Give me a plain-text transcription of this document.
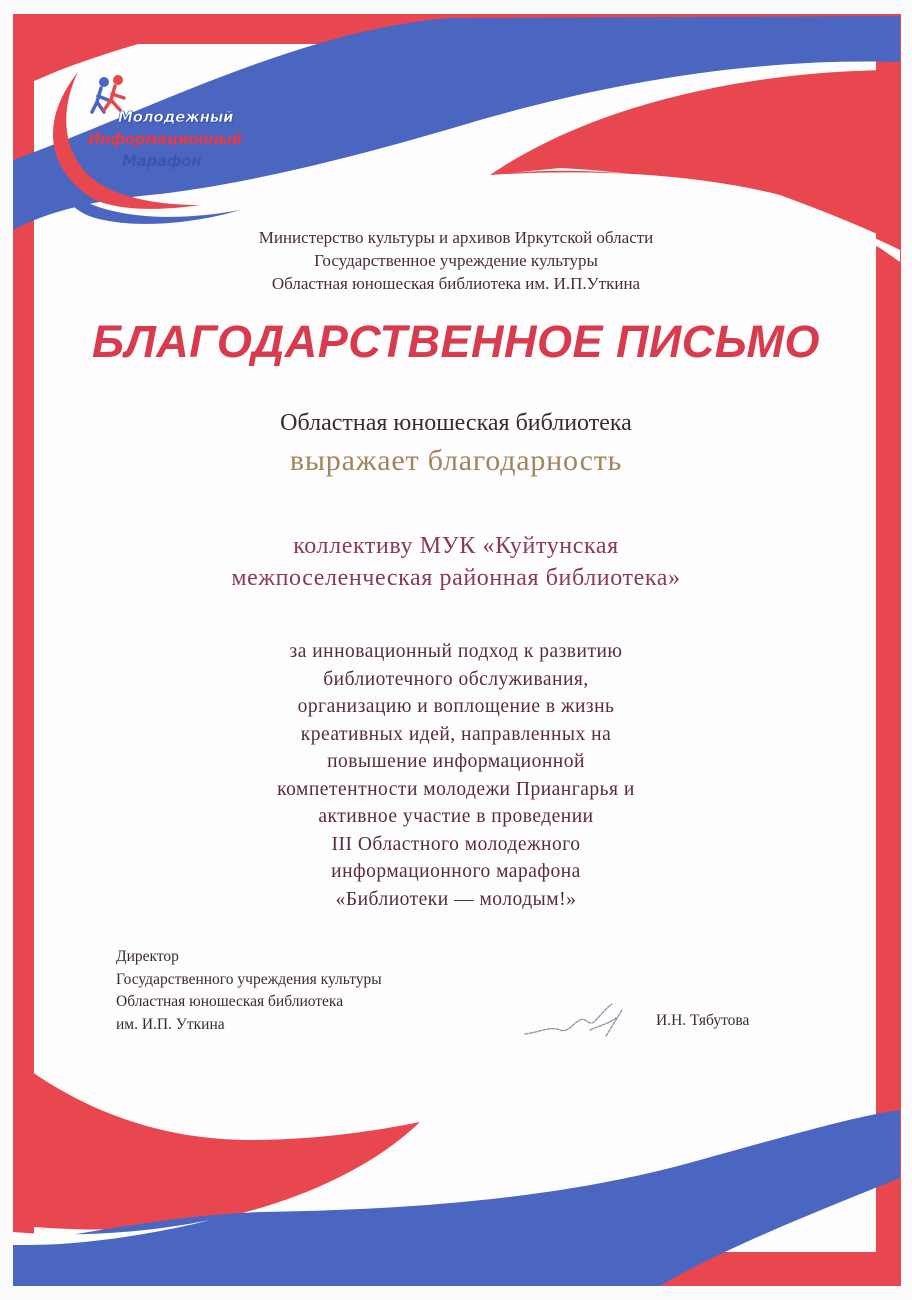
Молодежный
Информационный
Марафон
Министерство культуры и архивов Иркутской области
Государственное учреждение культуры
Областная юношеская библиотека им. И.П.Уткина
БЛАГОДАРСТВЕННОЕ ПИСЬМО
Областная юношеская библиотека
выражает благодарность
коллективу МУК «Куйтунская
межпоселенческая районная библиотека»
за инновационный подход к развитию
библиотечного обслуживания,
организацию и воплощение в жизнь
креативных идей, направленных на
повышение информационной
компетентности молодежи Приангарья и
активное участие в проведении
III Областного молодежного
информационного марафона
«Библиотеки — молодым!»
Директор
Государственного учреждения культуры
Областная юношеская библиотека
им. И.П. Уткина	И.Н. Тябутова
